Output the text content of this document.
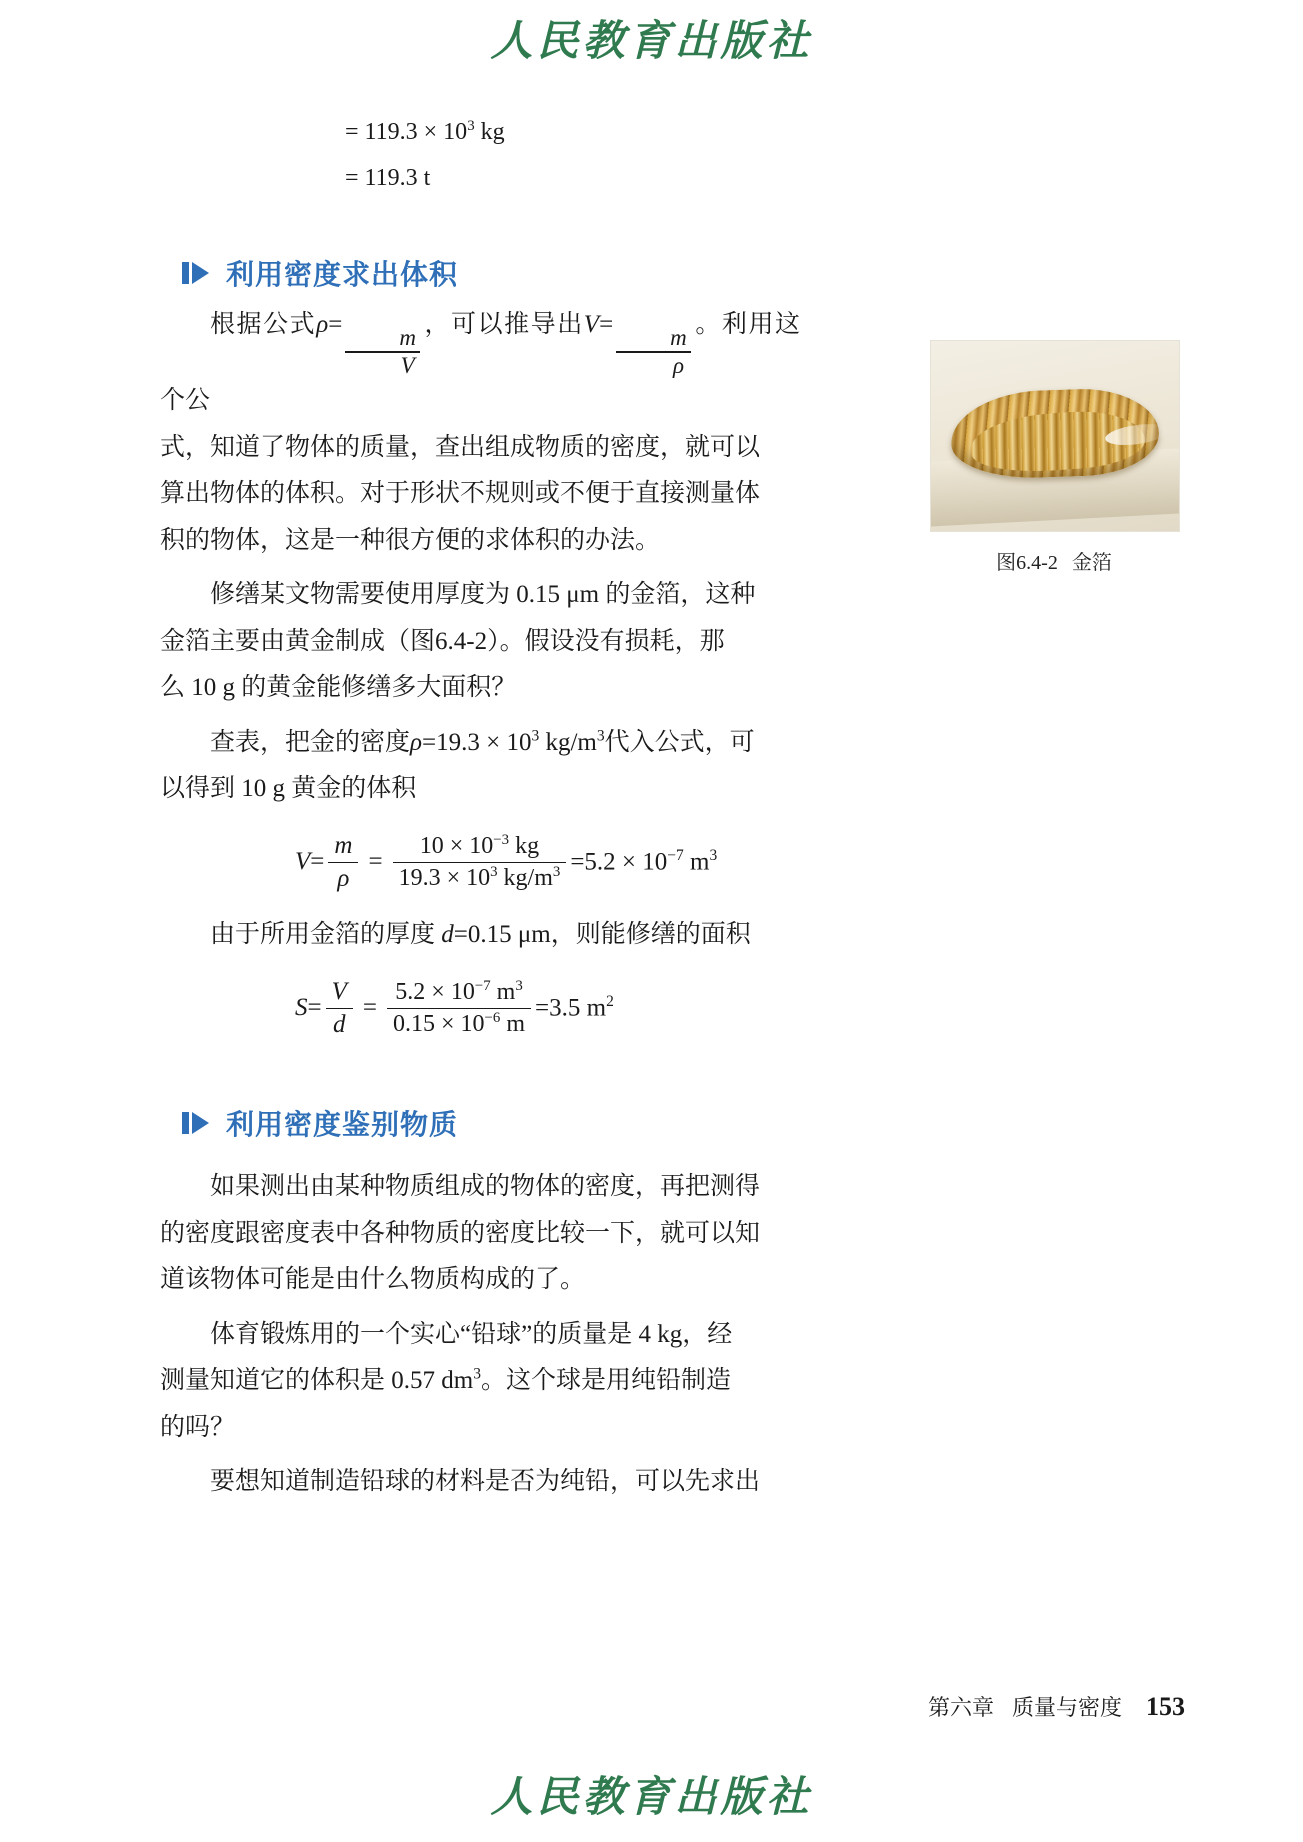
人民教育出版社
= $119.3 \times 10^3$ kg
= 119.3 t
利用密度求出体积
根据公式ρ=
$\frac{m}{V}$
，可以推导出V=
$\frac{m}{\rho}$
。利用这个公
式，知道了物体的质量，查出组成物质的密度，就可以
算出物体的体积。对于形状不规则或不便于直接测量体
积的物体，这是一种很方便的求体积的办法。
修缮某文物需要使用厚度为 0.15 μm 的金箔，这种
金箔主要由黄金制成（图6.4-2）。假设没有损耗，那
么 10 g 的黄金能修缮多大面积？
查表，把金的密度$\rho=19.3 \times 10^3$ $kg/m^3$代入公式，可
以得到 10 g 黄金的体积
$V = \frac{m}{\rho} = \frac{10 \times 10^{-3} kg}{19.3 \times 10^3 kg/m^3} =5.2 \times 10^{-7}$ $m^3$
由于所用金箔的厚度 d=0.15 μm，则能修缮的面积
$S = \frac{V}{d} = \frac{5.2 \times 10^{-7} m^3}{0.15 \times 10^{-6} m} =3.5$ $m^2$
利用密度鉴别物质
如果测出由某种物质组成的物体的密度，再把测得
的密度跟密度表中各种物质的密度比较一下，就可以知
道该物体可能是由什么物质构成的了。
体育锻炼用的一个实心“铅球”的质量是 4 kg，经
测量知道它的体积是 0.57 $dm^3$。这个球是用纯铅制造
的吗？
要想知道制造铅球的材料是否为纯铅，可以先求出
图6.4-2 金箔
第六章 质量与密度 153
人民教育出版社
